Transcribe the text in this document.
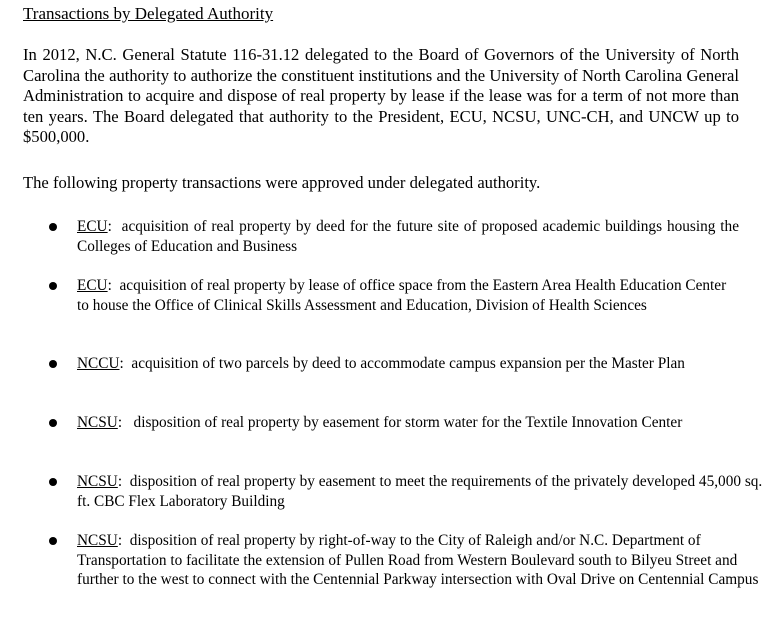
Transactions by Delegated Authority
In 2012, N.C. General Statute 116-31.12 delegated to the Board of Governors of the University of North Carolina the authority to authorize the constituent institutions and the University of North Carolina General Administration to acquire and dispose of real property by lease if the lease was for a term of not more than ten years. The Board delegated that authority to the President, ECU, NCSU, UNC-CH, and UNCW up to $500,000.
The following property transactions were approved under delegated authority.
ECU:  acquisition of real property by deed for the future site of proposed academic buildings housing the Colleges of Education and Business
ECU:  acquisition of real property by lease of office space from the Eastern Area Health Education Center to house the Office of Clinical Skills Assessment and Education, Division of Health Sciences
NCCU:  acquisition of two parcels by deed to accommodate campus expansion per the Master Plan
NCSU:   disposition of real property by easement for storm water for the Textile Innovation Center
NCSU:  disposition of real property by easement to meet the requirements of the privately developed 45,000 sq. ft. CBC Flex Laboratory Building
NCSU:  disposition of real property by right-of-way to the City of Raleigh and/or N.C. Department of Transportation to facilitate the extension of Pullen Road from Western Boulevard south to Bilyeu Street and further to the west to connect with the Centennial Parkway intersection with Oval Drive on Centennial Campus
